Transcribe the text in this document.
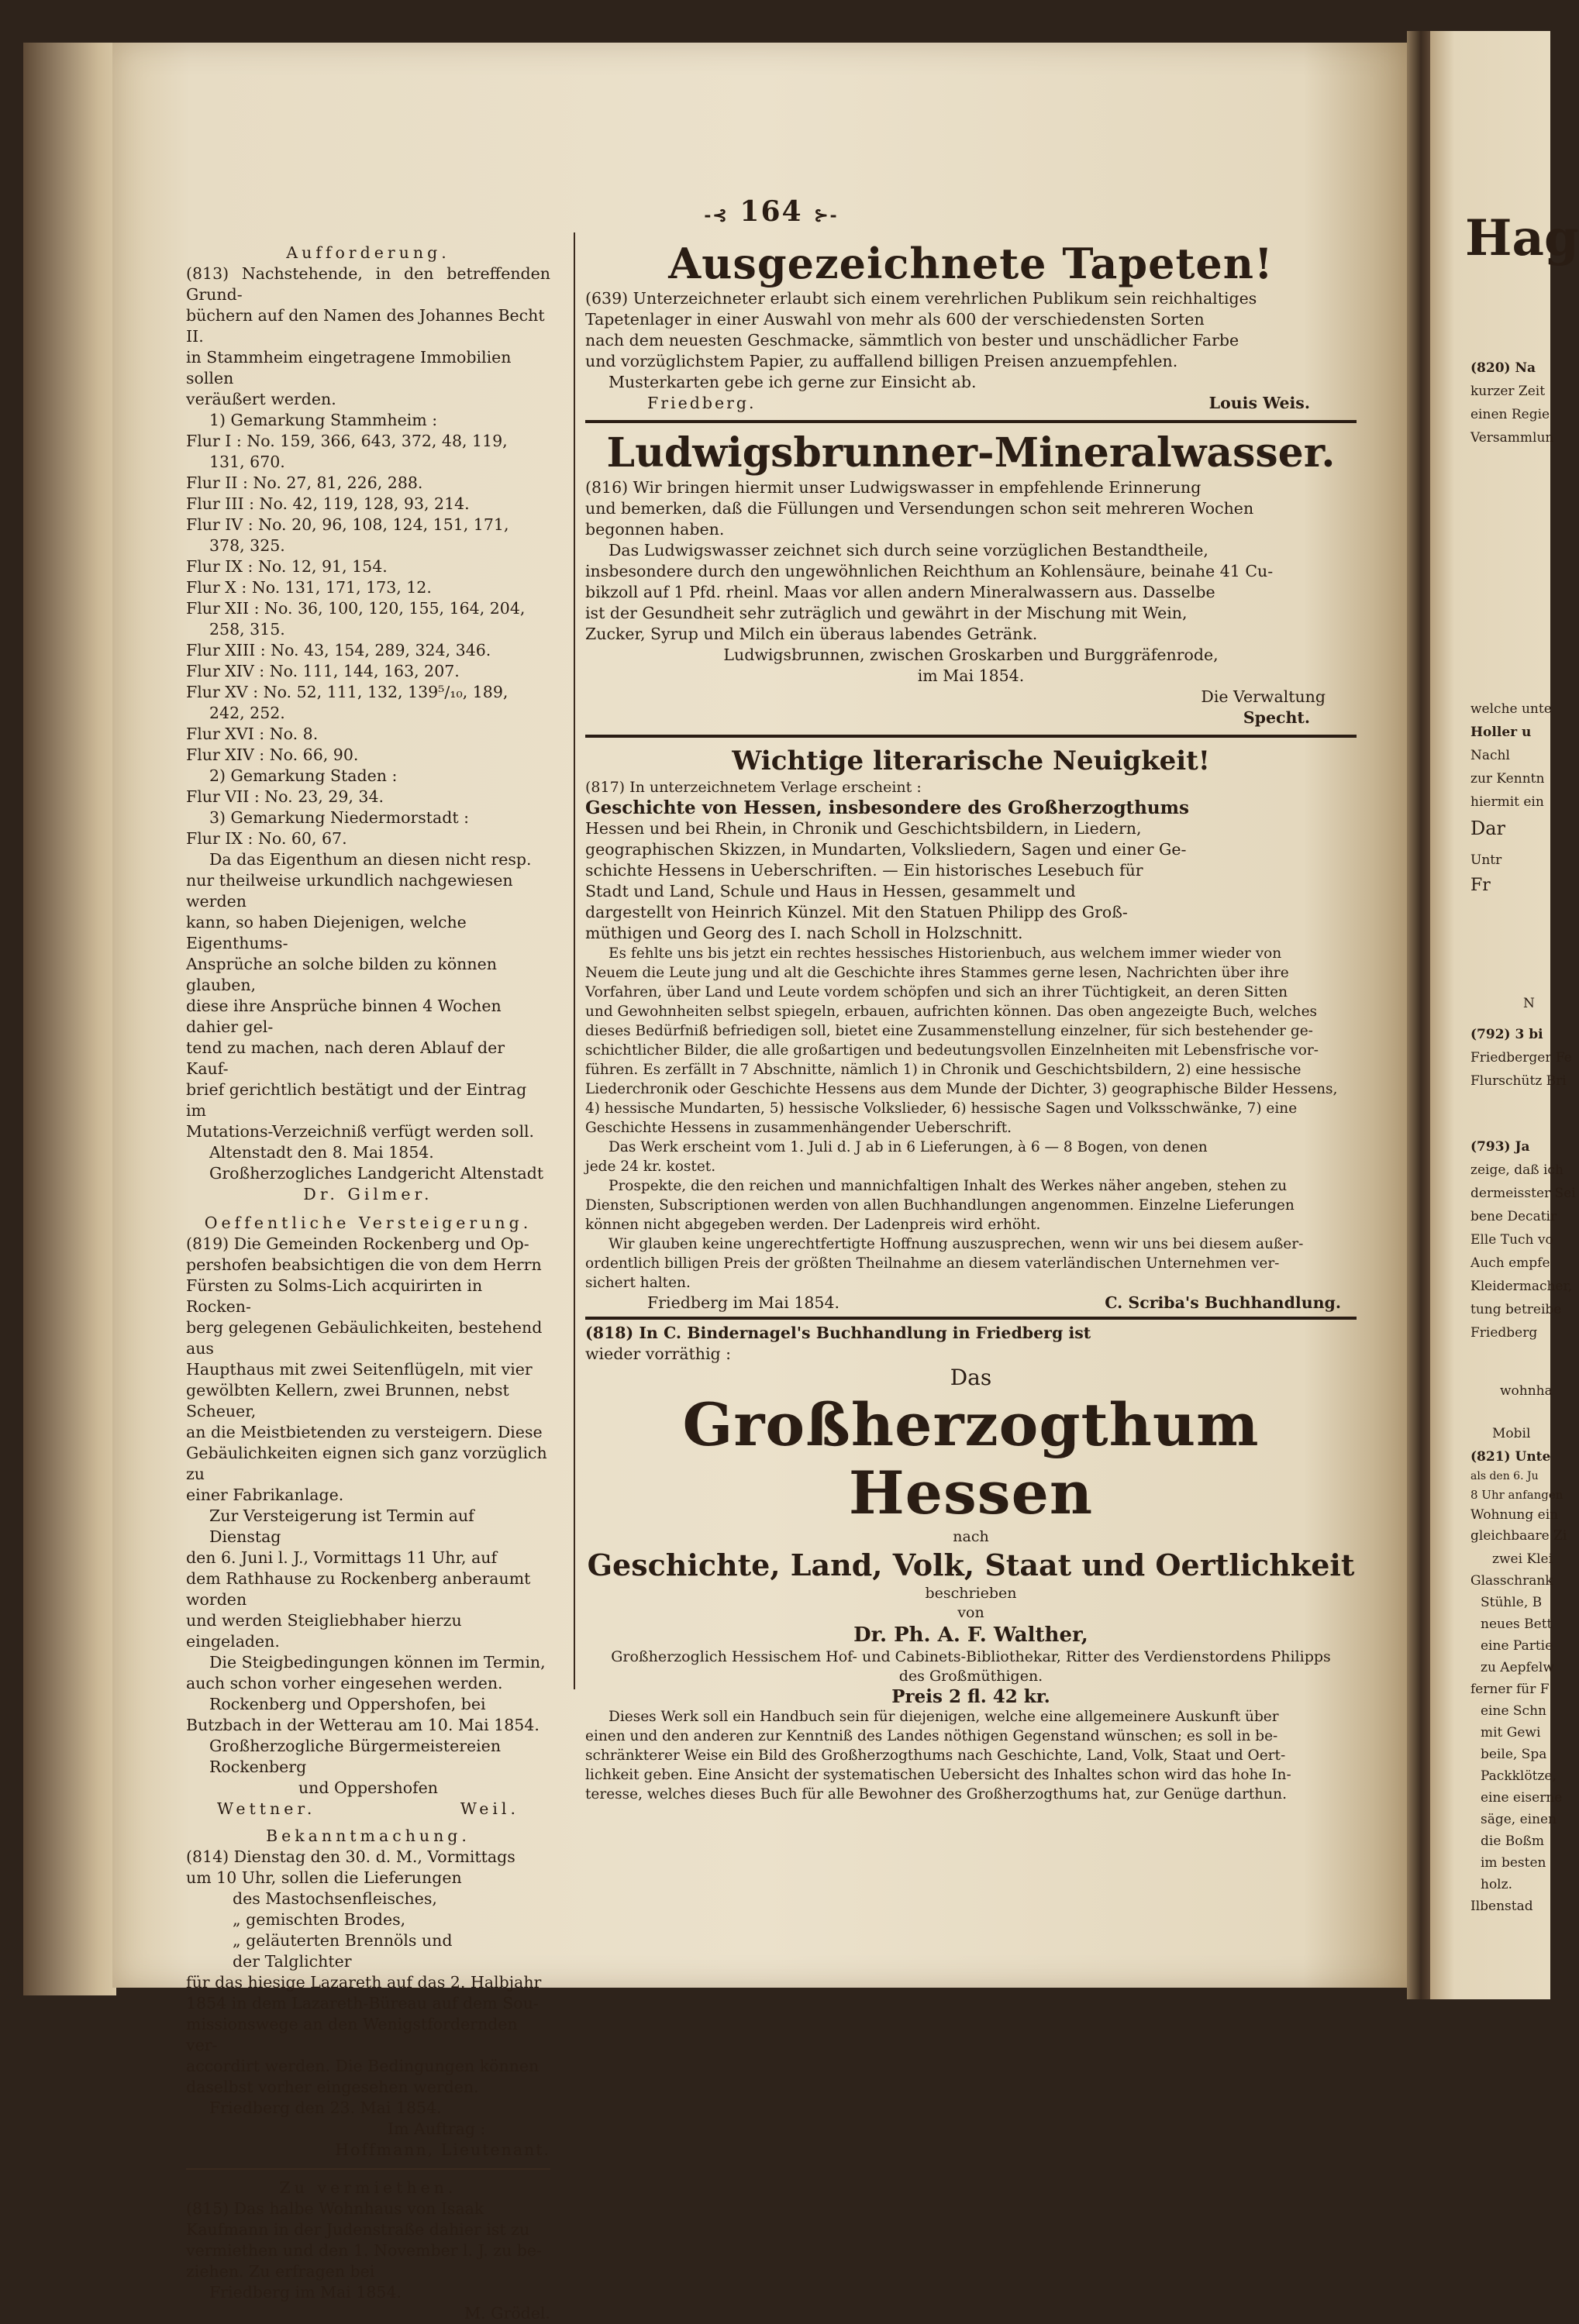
Hag
(820) Na
kurzer Zeit
einen Regie
Versammlun
welche unte
Holler u
Nachl
zur Kenntn
hiermit ein
Dar
Untr
Fr
N
(792) 3 bi
Friedberger Fe
Flurschütz Bri
(793) Ja
zeige, daß ich
dermeisster Sei
bene Decatir
Elle Tuch vo
Auch empfe
Kleidermacher,
tung betreibe
Friedberg
wohnha
Mobil
(821) Unte
als den 6. Ju
8 Uhr anfangen
Wohnung ein
gleichbaare Zi
zwei Klei
Glasschrank
Stühle, B
neues Bett
eine Partie
zu Aepfelw
ferner für F
eine Schn
mit Gewi
beile, Spa
Packklötze,
eine eiserne
säge, einen
die Boßm
im besten
holz.
Ilbenstad
-⊰ 164 ⊱-
Aufforderung.
(813) Nachstehende, in den betreffenden Grund-
büchern auf den Namen des Johannes Becht II.
in Stammheim eingetragene Immobilien sollen
veräußert werden.
1) Gemarkung Stammheim :
Flur I : No. 159, 366, 643, 372, 48, 119,
131, 670.
Flur II : No. 27, 81, 226, 288.
Flur III : No. 42, 119, 128, 93, 214.
Flur IV : No. 20, 96, 108, 124, 151, 171,
378, 325.
Flur IX : No. 12, 91, 154.
Flur X : No. 131, 171, 173, 12.
Flur XII : No. 36, 100, 120, 155, 164, 204,
258, 315.
Flur XIII : No. 43, 154, 289, 324, 346.
Flur XIV : No. 111, 144, 163, 207.
Flur XV : No. 52, 111, 132, 139⁵/₁₀, 189,
242, 252.
Flur XVI : No. 8.
Flur XIV : No. 66, 90.
2) Gemarkung Staden :
Flur VII : No. 23, 29, 34.
3) Gemarkung Niedermorstadt :
Flur IX : No. 60, 67.
Da das Eigenthum an diesen nicht resp.
nur theilweise urkundlich nachgewiesen werden
kann, so haben Diejenigen, welche Eigenthums-
Ansprüche an solche bilden zu können glauben,
diese ihre Ansprüche binnen 4 Wochen dahier gel-
tend zu machen, nach deren Ablauf der Kauf-
brief gerichtlich bestätigt und der Eintrag im
Mutations-Verzeichniß verfügt werden soll.
Altenstadt den 8. Mai 1854.
Großherzogliches Landgericht Altenstadt
Dr. Gilmer.
Oeffentliche Versteigerung.
(819) Die Gemeinden Rockenberg und Op-
pershofen beabsichtigen die von dem Herrn
Fürsten zu Solms-Lich acquirirten in Rocken-
berg gelegenen Gebäulichkeiten, bestehend aus
Haupthaus mit zwei Seitenflügeln, mit vier
gewölbten Kellern, zwei Brunnen, nebst Scheuer,
an die Meistbietenden zu versteigern. Diese
Gebäulichkeiten eignen sich ganz vorzüglich zu
einer Fabrikanlage.
Zur Versteigerung ist Termin auf Dienstag
den 6. Juni l. J., Vormittags 11 Uhr, auf
dem Rathhause zu Rockenberg anberaumt worden
und werden Steigliebhaber hierzu eingeladen.
Die Steigbedingungen können im Termin,
auch schon vorher eingesehen werden.
Rockenberg und Oppershofen, bei
Butzbach in der Wetterau am 10. Mai 1854.
Großherzogliche Bürgermeistereien Rockenberg
und Oppershofen
Wettner.	Weil.
Bekanntmachung.
(814) Dienstag den 30. d. M., Vormittags
um 10 Uhr, sollen die Lieferungen
des Mastochsenfleisches,
„ gemischten Brodes,
„ geläuterten Brennöls und
der Talglichter
für das hiesige Lazareth auf das 2. Halbjahr
1854 in dem Lazareth-Büreau auf dem Sou-
missionswege an den Wenigstfordernden ver-
accordirt werden. Die Bedingungen können
daselbst vorher eingesehen werden.
Friedberg den 23. Mai 1854.
Im Auftrag :
Hoffmann, Lieutenant.
Zu vermiethen.
(815) Das halbe Wohnhaus von Isaak
Kaufmann in der Judenstraße dahier ist zu
vermiethen und den 1. November l. J. zu be-
ziehen. Zu erfragen bei
Friedberg im Mai 1854.
M. Grödel.
Ausgezeichnete Tapeten!
(639) Unterzeichneter erlaubt sich einem verehrlichen Publikum sein reichhaltiges
Tapetenlager in einer Auswahl von mehr als 600 der verschiedensten Sorten
nach dem neuesten Geschmacke, sämmtlich von bester und unschädlicher Farbe
und vorzüglichstem Papier, zu auffallend billigen Preisen anzuempfehlen.
Musterkarten gebe ich gerne zur Einsicht ab.
Friedberg.	Louis Weis.
Ludwigsbrunner-Mineralwasser.
(816) Wir bringen hiermit unser Ludwigswasser in empfehlende Erinnerung
und bemerken, daß die Füllungen und Versendungen schon seit mehreren Wochen
begonnen haben.
Das Ludwigswasser zeichnet sich durch seine vorzüglichen Bestandtheile,
insbesondere durch den ungewöhnlichen Reichthum an Kohlensäure, beinahe 41 Cu-
bikzoll auf 1 Pfd. rheinl. Maas vor allen andern Mineralwassern aus. Dasselbe
ist der Gesundheit sehr zuträglich und gewährt in der Mischung mit Wein,
Zucker, Syrup und Milch ein überaus labendes Getränk.
Ludwigsbrunnen, zwischen Groskarben und Burggräfenrode,
im Mai 1854.
Die Verwaltung
Specht.
Wichtige literarische Neuigkeit!
(817) In unterzeichnetem Verlage erscheint :
Geschichte von Hessen, insbesondere des Großherzogthums
Hessen und bei Rhein, in Chronik und Geschichtsbildern, in Liedern,
geographischen Skizzen, in Mundarten, Volksliedern, Sagen und einer Ge-
schichte Hessens in Ueberschriften. — Ein historisches Lesebuch für
Stadt und Land, Schule und Haus in Hessen, gesammelt und
dargestellt von Heinrich Künzel. Mit den Statuen Philipp des Groß-
müthigen und Georg des I. nach Scholl in Holzschnitt.
Es fehlte uns bis jetzt ein rechtes hessisches Historienbuch, aus welchem immer wieder von
Neuem die Leute jung und alt die Geschichte ihres Stammes gerne lesen, Nachrichten über ihre
Vorfahren, über Land und Leute vordem schöpfen und sich an ihrer Tüchtigkeit, an deren Sitten
und Gewohnheiten selbst spiegeln, erbauen, aufrichten können. Das oben angezeigte Buch, welches
dieses Bedürfniß befriedigen soll, bietet eine Zusammenstellung einzelner, für sich bestehender ge-
schichtlicher Bilder, die alle großartigen und bedeutungsvollen Einzelnheiten mit Lebensfrische vor-
führen. Es zerfällt in 7 Abschnitte, nämlich 1) in Chronik und Geschichtsbildern, 2) eine hessische
Liederchronik oder Geschichte Hessens aus dem Munde der Dichter, 3) geographische Bilder Hessens,
4) hessische Mundarten, 5) hessische Volkslieder, 6) hessische Sagen und Volksschwänke, 7) eine
Geschichte Hessens in zusammenhängender Ueberschrift.
Das Werk erscheint vom 1. Juli d. J ab in 6 Lieferungen, à 6 — 8 Bogen, von denen
jede 24 kr. kostet.
Prospekte, die den reichen und mannichfaltigen Inhalt des Werkes näher angeben, stehen zu
Diensten, Subscriptionen werden von allen Buchhandlungen angenommen. Einzelne Lieferungen
können nicht abgegeben werden. Der Ladenpreis wird erhöht.
Wir glauben keine ungerechtfertigte Hoffnung auszusprechen, wenn wir uns bei diesem außer-
ordentlich billigen Preis der größten Theilnahme an diesem vaterländischen Unternehmen ver-
sichert halten.
Friedberg im Mai 1854.	C. Scriba's Buchhandlung.
(818) In C. Bindernagel's Buchhandlung in Friedberg ist
wieder vorräthig :
Das
Großherzogthum Hessen
nach
Geschichte, Land, Volk, Staat und Oertlichkeit
beschrieben
von
Dr. Ph. A. F. Walther,
Großherzoglich Hessischem Hof- und Cabinets-Bibliothekar, Ritter des Verdienstordens Philipps
des Großmüthigen.
Preis 2 fl. 42 kr.
Dieses Werk soll ein Handbuch sein für diejenigen, welche eine allgemeinere Auskunft über
einen und den anderen zur Kenntniß des Landes nöthigen Gegenstand wünschen; es soll in be-
schränkterer Weise ein Bild des Großherzogthums nach Geschichte, Land, Volk, Staat und Oert-
lichkeit geben. Eine Ansicht der systematischen Uebersicht des Inhaltes schon wird das hohe In-
teresse, welches dieses Buch für alle Bewohner des Großherzogthums hat, zur Genüge darthun.
